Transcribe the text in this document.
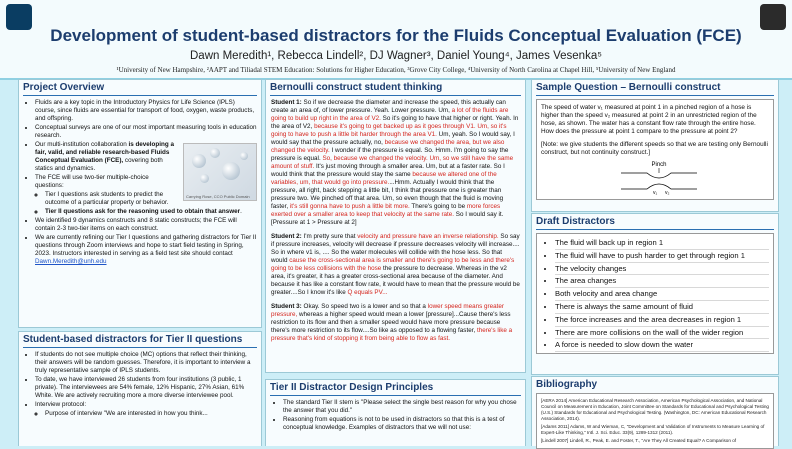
Development of student-based distractors for the Fluids Conceptual Evaluation (FCE)
Dawn Meredith¹, Rebecca Lindell², DJ Wagner³, Daniel Young⁴, James Vesenka⁵
¹University of New Hampshire, ²AAPT and Tiliadal STEM Education: Solutions for Higher Education, ³Grove City College, ⁴University of North Carolina at Chapel Hill, ⁵University of New England
Project Overview
• Fluids are a key topic in the Introductory Physics for Life Science (IPLS) course, since fluids are essential for transport of food, oxygen, waste products, and offspring.
• Conceptual surveys are one of our most important measuring tools in education research.
• Carrying Rose, CCO Public Domain
Our multi-institution collaboration is developing a fair, valid, and reliable research-based Fluids Conceptual Evaluation (FCE), covering both statics and dynamics.
• The FCE will use two-tier multiple-choice questions:
◦ Tier I questions ask students to predict the outcome of a particular property or behavior.
◦ Tier II questions ask for the reasoning used to obtain that answer.
• We identified 9 dynamics constructs and 8 static constructs; the FCE will contain 2-3 two-tier items on each construct.
• We are currently refining our Tier I questions and gathering distractors for Tier II questions through Zoom interviews and hope to start field testing in Spring, 2023. Instructors interested in serving as a field test site should contact Dawn.Meredith@unh.edu
Student-based distractors for Tier II questions
• If students do not see multiple choice (MC) options that reflect their thinking, their answers will be random guesses. Therefore, it is important to interview a truly representative sample of IPLS students.
• To date, we have interviewed 26 students from four institutions (3 public, 1 private). The interviewees are 54% female, 12% Hispanic, 27% Asian, 61% White. We are actively recruiting more a more diverse interviewee pool.
• Interview protocol:
◦ Purpose of interview "We are interested in how you think...
Bernoulli construct student thinking
Student 1: So if we decrease the diameter and increase the speed, this actually can create an area of, of lower pressure. Yeah. Lower pressure. Um, a lot of the fluids are going to build up right in the area of V2. So it's going to have that higher or right. Yeah. In the area of V2, because it's going to get backed up as it goes through V1. Um, so it's going to have to push a little bit harder through the area V1. Um, yeah. So I would say, I would say that the pressure actually, no, because we changed the area, but we also changed the velocity. I wonder if the pressure is equal. So. Hmm. I'm going to say the pressure is equal. So, because we changed the velocity. Um, so we still have the same amount of stuff. It's just moving through a smaller area. Um, but at a faster rate. So I would think that the pressure would stay the same because we altered one of the variables, um, that would go into pressure....Hmm. Actually I would think that the pressure, all right, back stepping a little bit, I think that pressure one is greater than pressure two. We pinched off that area. Um, so even though that the fluid is moving faster, it's still gonna have to push a little bit more. There's going to be more forces exerted over a smaller area to keep that velocity at the same rate. So I would say it. [Pressure at 1 > Pressure at 2]
Student 2: I'm pretty sure that velocity and pressure have an inverse relationship. So say if pressure increases, velocity will decrease if pressure decreases velocity will increase.... So in where v1 is, .... So the water molecules will collide with the hose less. So that would cause the cross-sectional area is smaller and there's going to be less and there's going to be less collisions with the hose the pressure to decrease. Whereas in the v2 area, it's greater, it has a greater cross-sectional area because of the diameter. And because it has like a constant flow rate, it would have to mean that the pressure would be greater....So I know it's like Q equals PV...
Student 3: Okay. So speed two is a lower and so that a lower speed means greater pressure, whereas a higher speed would mean a lower [pressure]...Cause there's less restriction to its flow and then a smaller speed would have more pressure because there's more restriction to its flow....So like as opposed to a flowing faster, there's like a pressure that's kind of stopping it from being able to flow as fast.
Tier II Distractor Design Principles
• The standard Tier II stem is "Please select the single best reason for why you chose the answer that you did."
• Reasoning from equations is not to be used in distractors so that this is a test of conceptual knowledge. Examples of distractors that we will not use:
Sample Question – Bernoulli construct
The speed of water v₁ measured at point 1 in a pinched region of a hose is higher than the speed v₂ measured at point 2 in an unrestricted region of the hose, as shown. The water has a constant flow rate through the entire hose. How does the pressure at point 1 compare to the pressure at point 2?
[Note: we give students the different speeds so that we are testing only Bernoulli construct, but not continuity construct.]
Pinch
v₁ v₂
Draft Distractors
• The fluid will back up in region 1
• The fluid will have to push harder to get through region 1
• The velocity changes
• The area changes
• Both velocity and area change
• There is always the same amount of fluid
• The force increases and the area decreases in region 1
• There are more collisions on the wall of the wider region
• A force is needed to slow down the water
Bibliography
[AERA 2014] American Educational Research Association, American Psychological Association, and National Council on Measurement in Education, Joint Committee on Standards for Educational and Psychological Testing (U.S.) Standards for Educational and Psychological Testing. (Washington, DC: American Educational Research Association, 2014).
[Adams 2011] Adams, W and Wieman, C, "Development and Validation of Instruments to Measure Learning of Expert-Like Thinking," Intl. J. Sci. Educ. 33(9), 1289-1312 (2011).
[Lindell 2007] Lindell, R., Peak, E. and Foster, T., "Are They All Created Equal? A Comparison of
